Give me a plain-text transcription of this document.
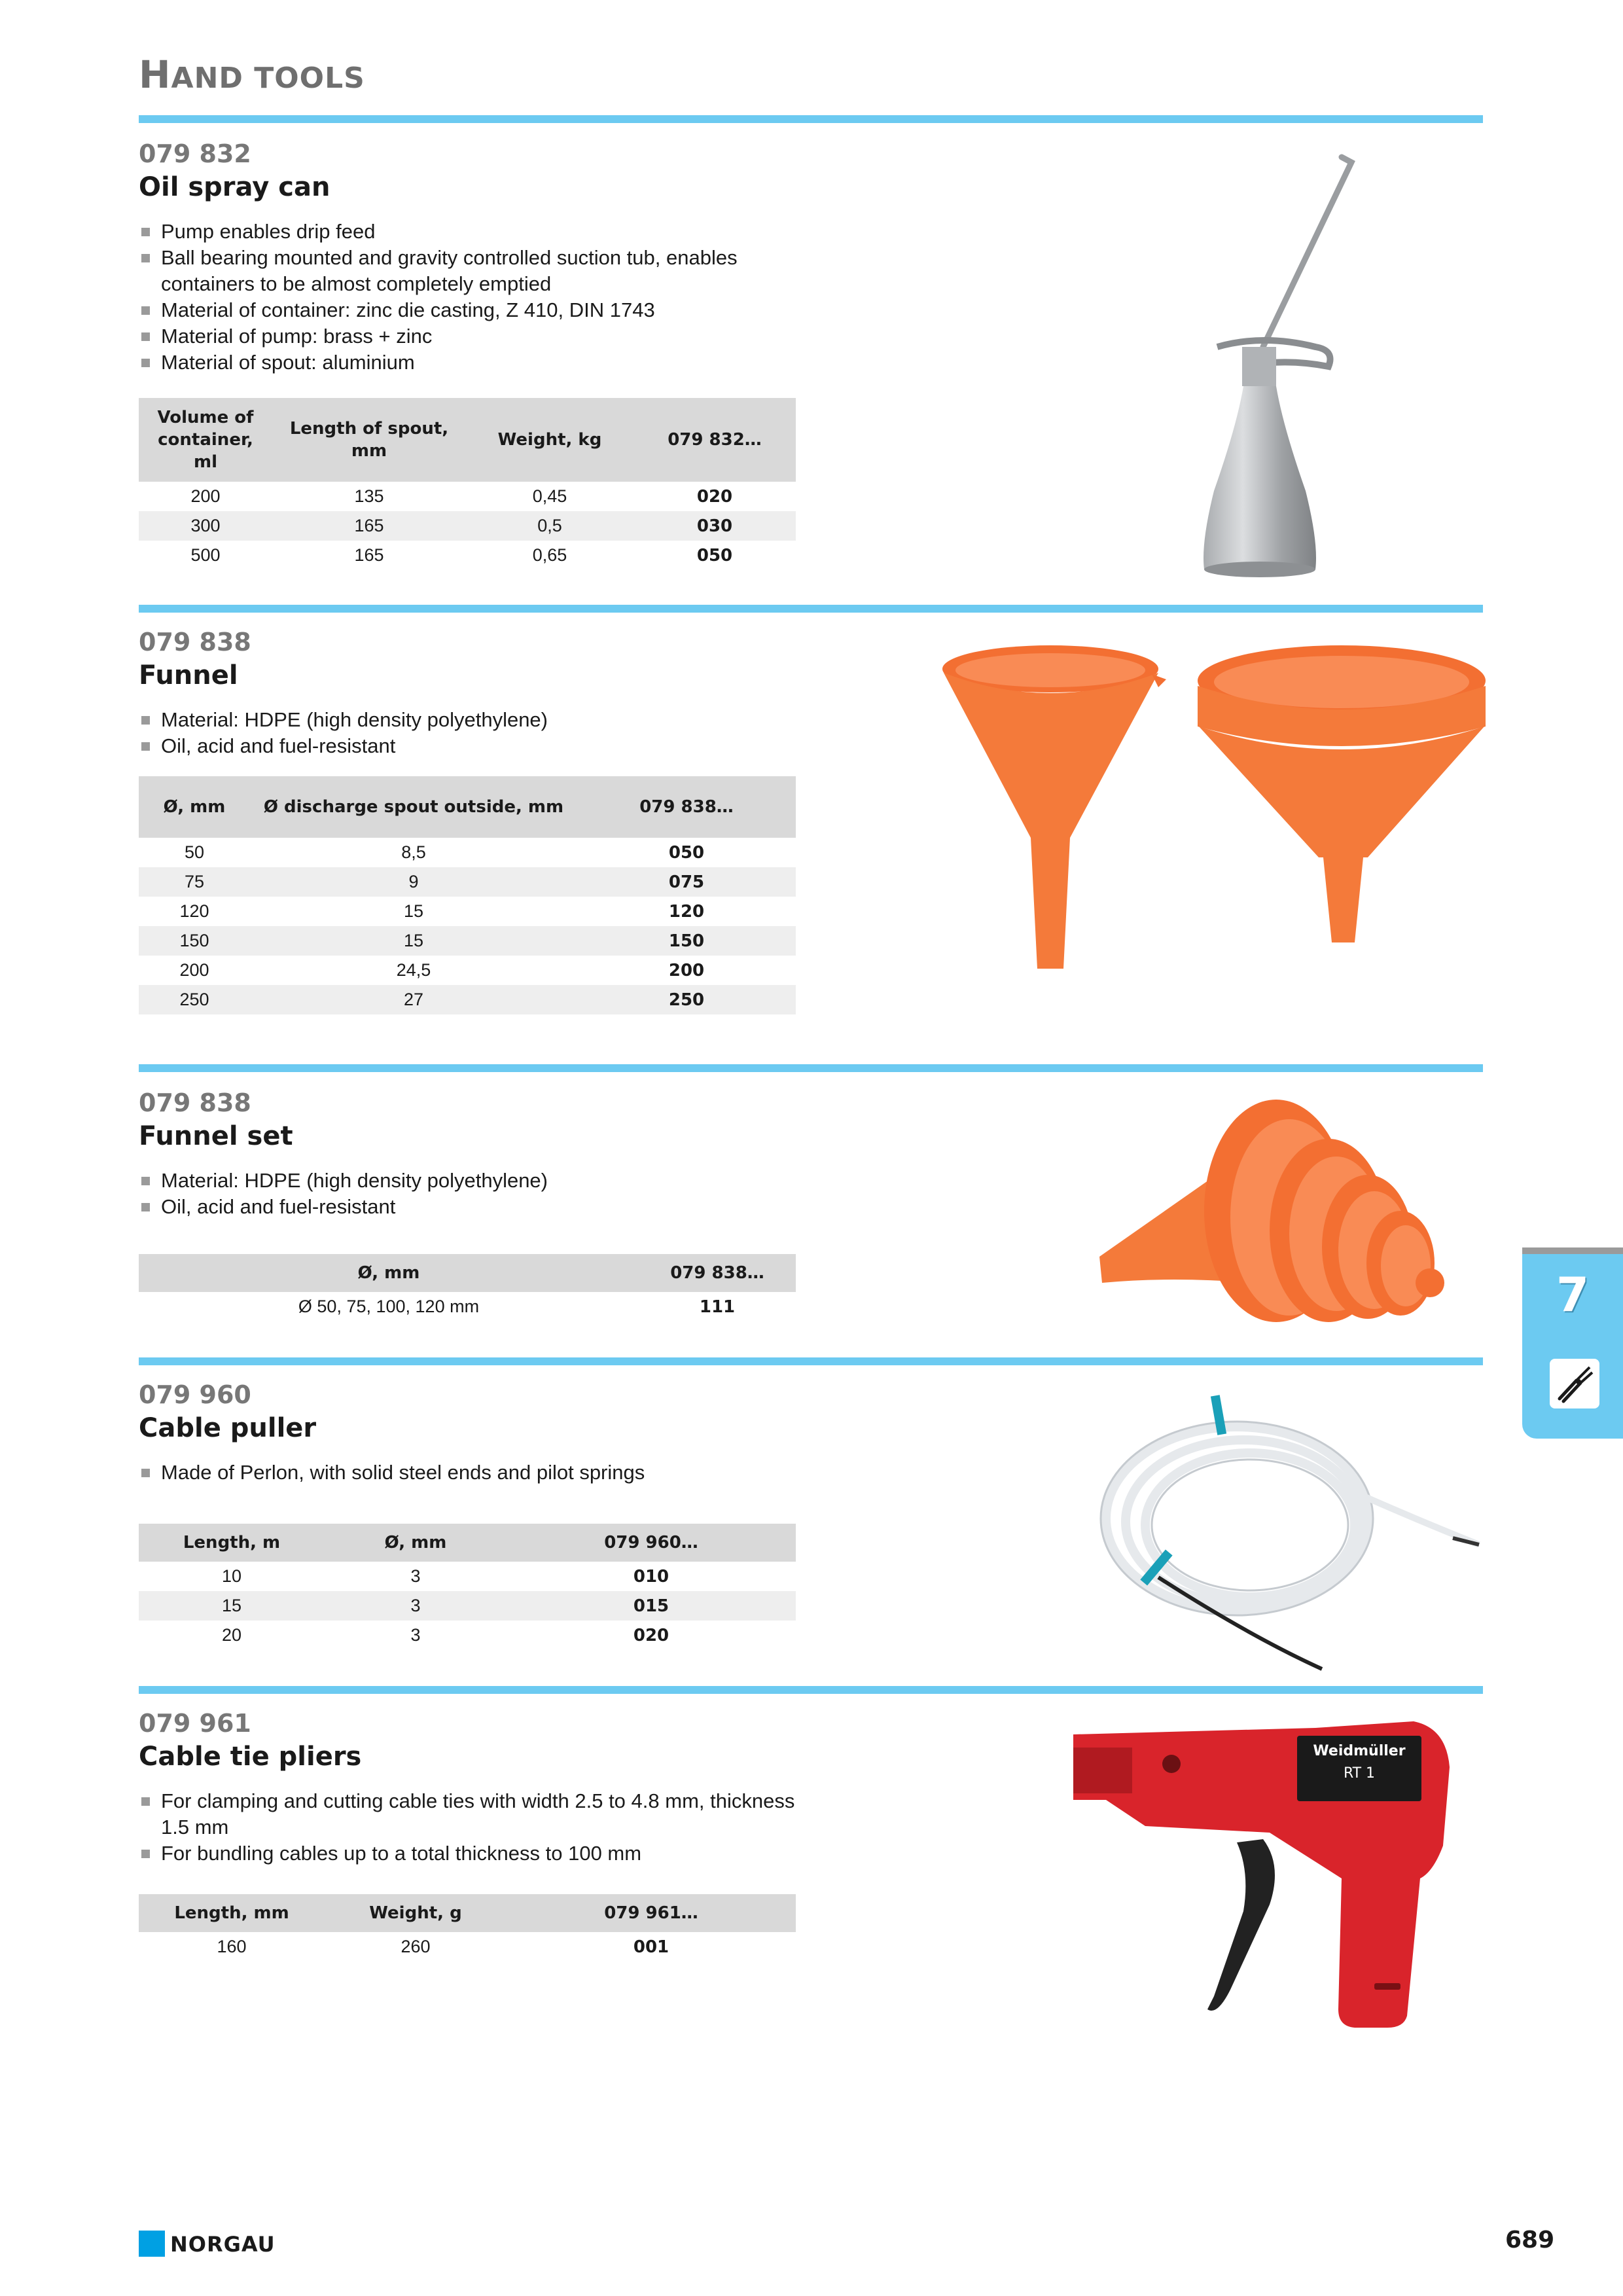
HAND TOOLS

079 832

Oil spray can

Pump enables drip feed
Ball bearing mounted and gravity controlled suction tub, enables containers to be almost completely emptied
Material of container: zinc die casting, Z 410, DIN 1743
Material of pump: brass + zinc
Material of spout: aluminium
Volume of container, ml	Length of spout, mm	Weight, kg	079 832…
200	135	0,45	020
300	165	0,5	030
500	165	0,65	050

079 838

Funnel

Material: HDPE (high density polyethylene)
Oil, acid and fuel-resistant
Ø, mm	Ø discharge spout outside, mm	079 838…
50	8,5	050
75	9	075
120	15	120
150	15	150
200	24,5	200
250	27	250

079 838

Funnel set

Material: HDPE (high density polyethylene)
Oil, acid and fuel-resistant
Ø, mm	079 838…
Ø 50, 75, 100, 120 mm	111

079 960

Cable puller

Made of Perlon, with solid steel ends and pilot springs
Length, m	Ø, mm	079 960…
10	3	010
15	3	015
20	3	020

079 961

Cable tie pliers

For clamping and cutting cable ties with width 2.5 to 4.8 mm, thickness 1.5 mm
For bundling cables up to a total thickness to 100 mm
Length, mm	Weight, g	079 961…
160	260	001
Weidmüller
RT 1
7
NORGAU	689
